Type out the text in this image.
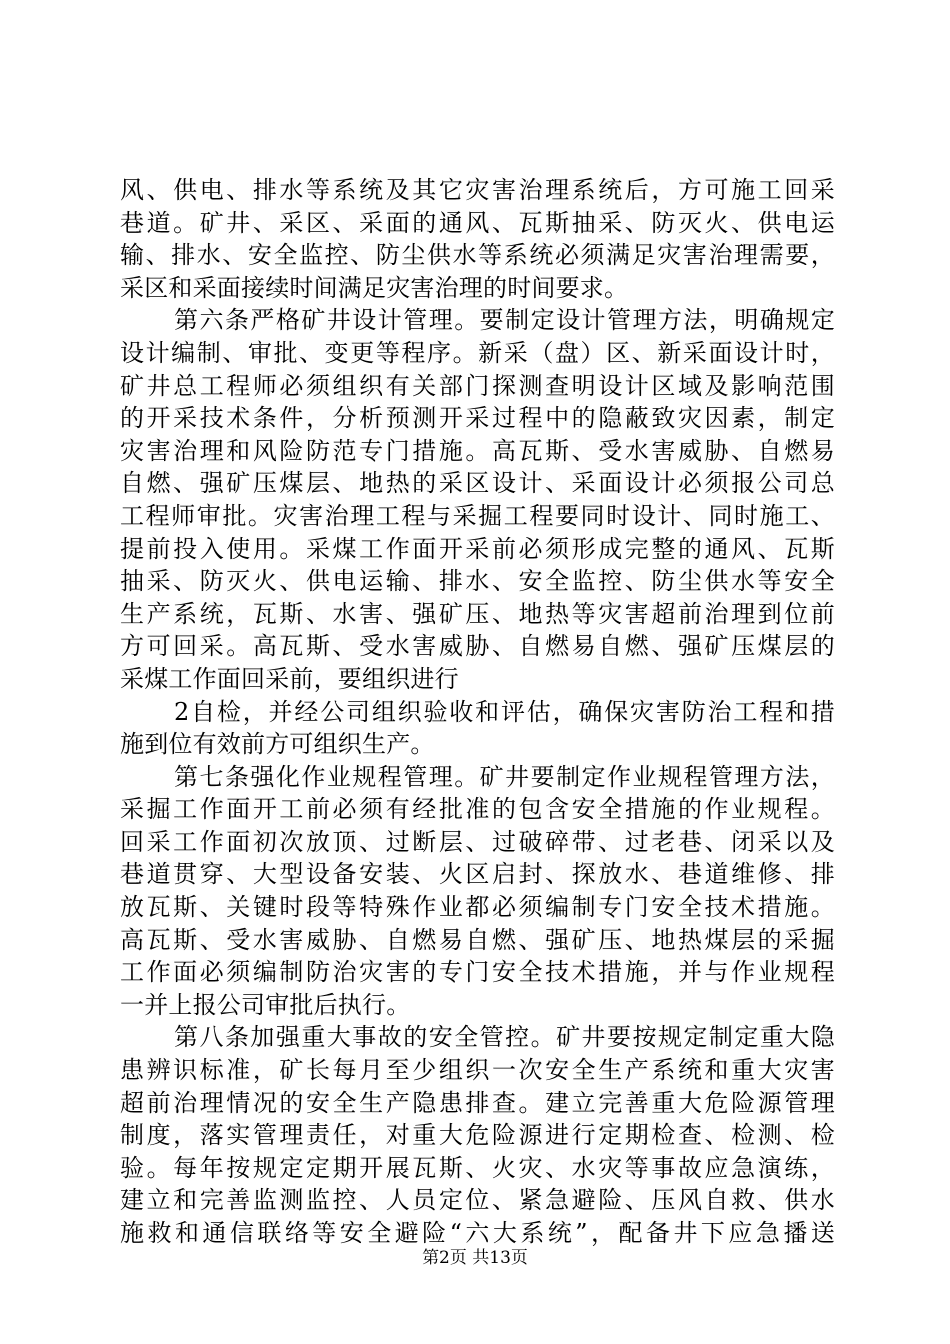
风、供电、排水等系统及其它灾害治理系统后，方可施工回采
巷道。矿井、采区、采面的通风、瓦斯抽采、防灭火、供电运
输、排水、安全监控、防尘供水等系统必须满足灾害治理需要，
采区和采面接续时间满足灾害治理的时间要求。
第六条严格矿井设计管理。要制定设计管理方法，明确规定
设计编制、审批、变更等程序。新采（盘）区、新采面设计时，
矿井总工程师必须组织有关部门探测查明设计区域及影响范围
的开采技术条件，分析预测开采过程中的隐蔽致灾因素，制定
灾害治理和风险防范专门措施。高瓦斯、受水害威胁、自燃易
自燃、强矿压煤层、地热的采区设计、采面设计必须报公司总
工程师审批。灾害治理工程与采掘工程要同时设计、同时施工、
提前投入使用。采煤工作面开采前必须形成完整的通风、瓦斯
抽采、防灭火、供电运输、排水、安全监控、防尘供水等安全
生产系统，瓦斯、水害、强矿压、地热等灾害超前治理到位前
方可回采。高瓦斯、受水害威胁、自燃易自燃、强矿压煤层的
采煤工作面回采前，要组织进行
2自检，并经公司组织验收和评估，确保灾害防治工程和措
施到位有效前方可组织生产。
第七条强化作业规程管理。矿井要制定作业规程管理方法，
采掘工作面开工前必须有经批准的包含安全措施的作业规程。
回采工作面初次放顶、过断层、过破碎带、过老巷、闭采以及
巷道贯穿、大型设备安装、火区启封、探放水、巷道维修、排
放瓦斯、关键时段等特殊作业都必须编制专门安全技术措施。
高瓦斯、受水害威胁、自燃易自燃、强矿压、地热煤层的采掘
工作面必须编制防治灾害的专门安全技术措施，并与作业规程
一并上报公司审批后执行。
第八条加强重大事故的安全管控。矿井要按规定制定重大隐
患辨识标准，矿长每月至少组织一次安全生产系统和重大灾害
超前治理情况的安全生产隐患排查。建立完善重大危险源管理
制度，落实管理责任，对重大危险源进行定期检查、检测、检
验。每年按规定定期开展瓦斯、火灾、水灾等事故应急演练，
建立和完善监测监控、人员定位、紧急避险、压风自救、供水
施救和通信联络等安全避险“六大系统”，配备井下应急播送
第2页 共13页
